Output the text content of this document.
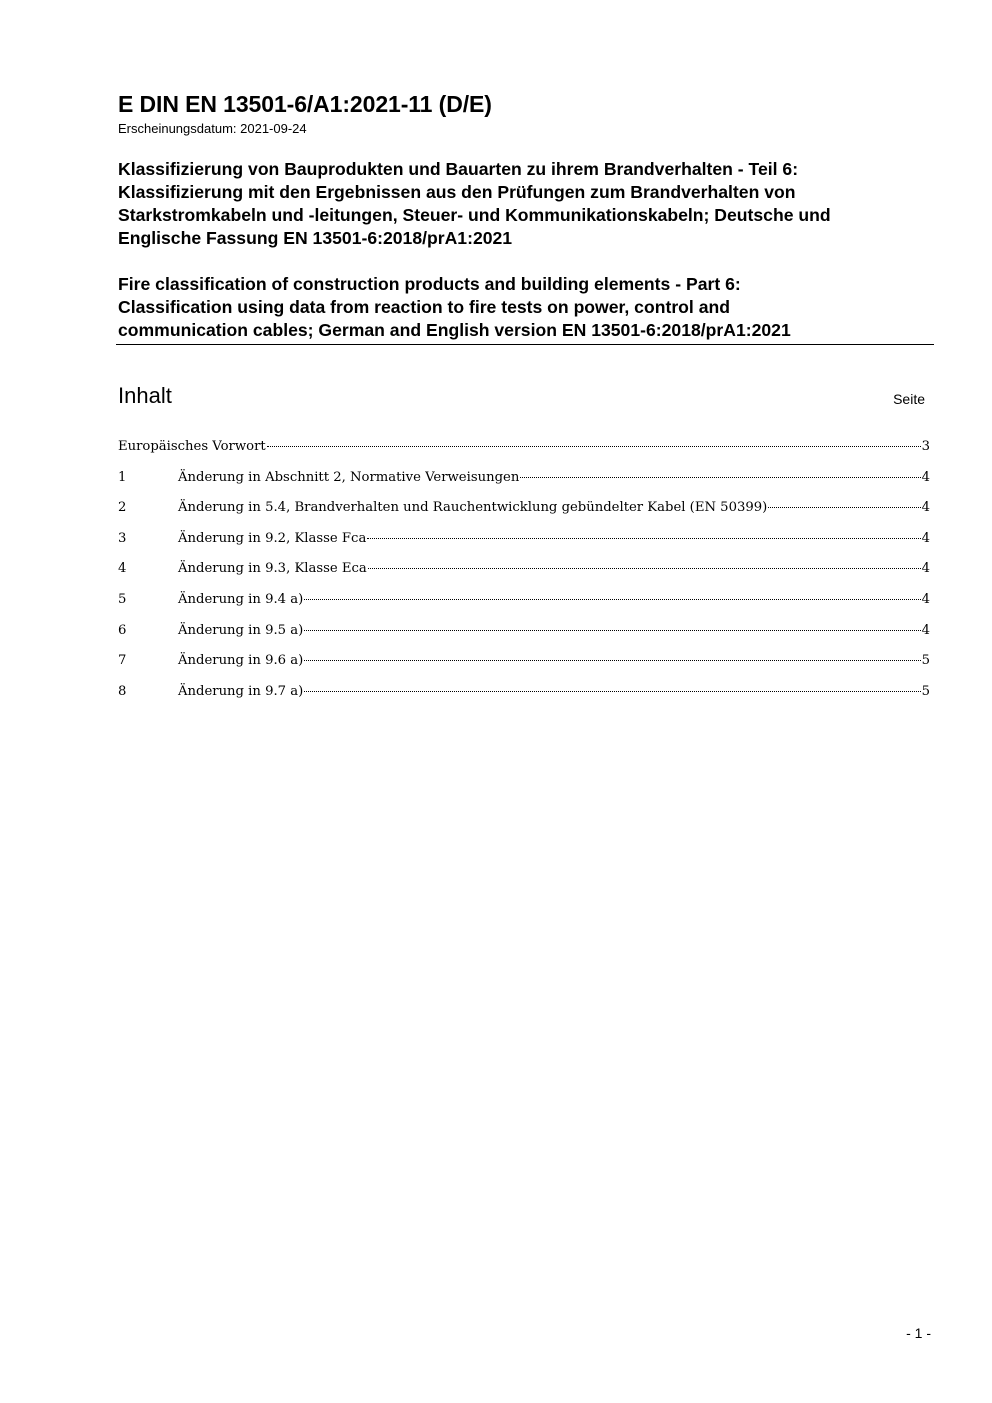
E DIN EN 13501-6/A1:2021-11 (D/E)
Erscheinungsdatum: 2021-09-24
Klassifizierung von Bauprodukten und Bauarten zu ihrem Brandverhalten - Teil 6:
Klassifizierung mit den Ergebnissen aus den Prüfungen zum Brandverhalten von
Starkstromkabeln und -leitungen, Steuer- und Kommunikationskabeln; Deutsche und
Englische Fassung EN 13501-6:2018/prA1:2021
Fire classification of construction products and building elements - Part 6:
Classification using data from reaction to fire tests on power, control and
communication cables; German and English version EN 13501-6:2018/prA1:2021
Inhalt	Seite
Europäisches Vorwort	3
1	Änderung in Abschnitt 2, Normative Verweisungen	4
2	Änderung in 5.4, Brandverhalten und Rauchentwicklung gebündelter Kabel (EN 50399)	4
3	Änderung in 9.2, Klasse Fca	4
4	Änderung in 9.3, Klasse Eca	4
5	Änderung in 9.4 a)	4
6	Änderung in 9.5 a)	4
7	Änderung in 9.6 a)	5
8	Änderung in 9.7 a)	5
- 1 -
